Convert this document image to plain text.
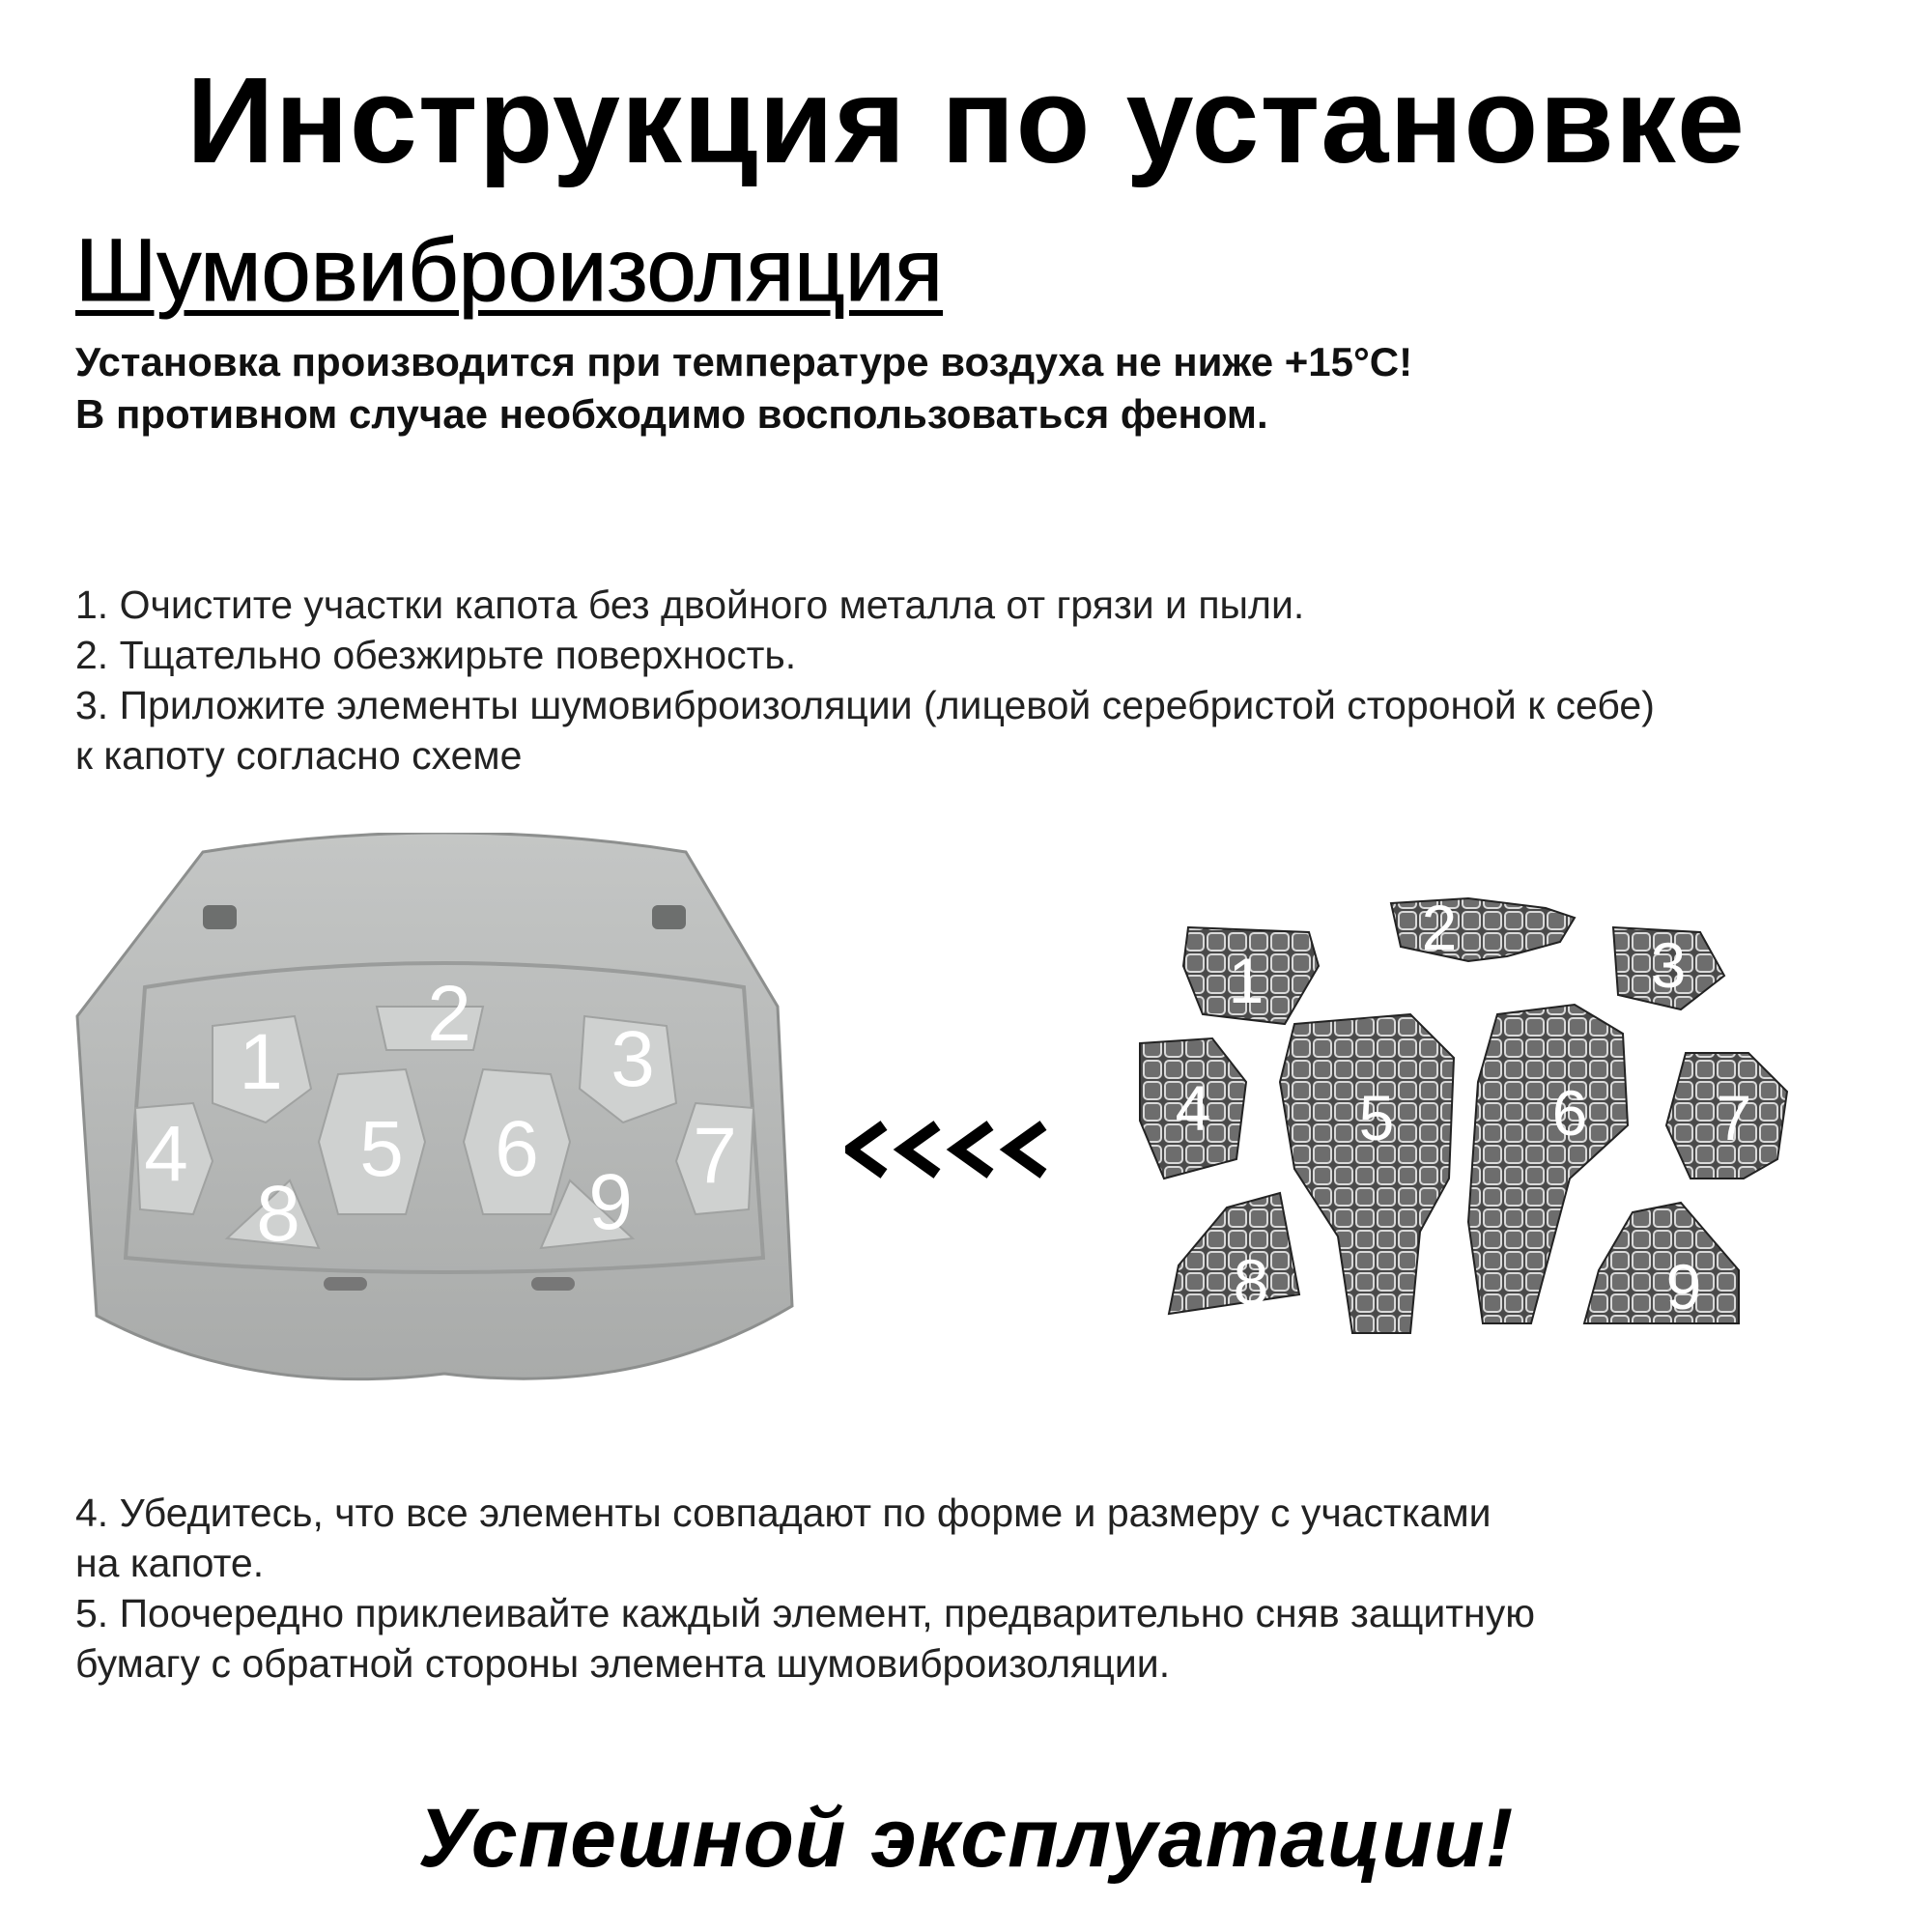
Инструкция по установке
Шумовиброизоляция
Установка производится при температуре воздуха не ниже +15°С!
В противном случае необходимо воспользоваться феном.
1. Очистите участки капота без двойного металла от грязи и пыли.
2. Тщательно обезжирьте поверхность.
3. Приложите элементы шумовиброизоляции (лицевой серебристой стороной к себе)
к капоту согласно схеме
1
2
3
4 5 6 7
8	9
1
2
3
4 5 6 7
8	9
4. Убедитесь, что все элементы совпадают по форме и размеру с участками
на капоте.
5. Поочередно приклеивайте каждый элемент, предварительно сняв защитную
бумагу с обратной стороны элемента шумовиброизоляции.
Успешной эксплуатации!
